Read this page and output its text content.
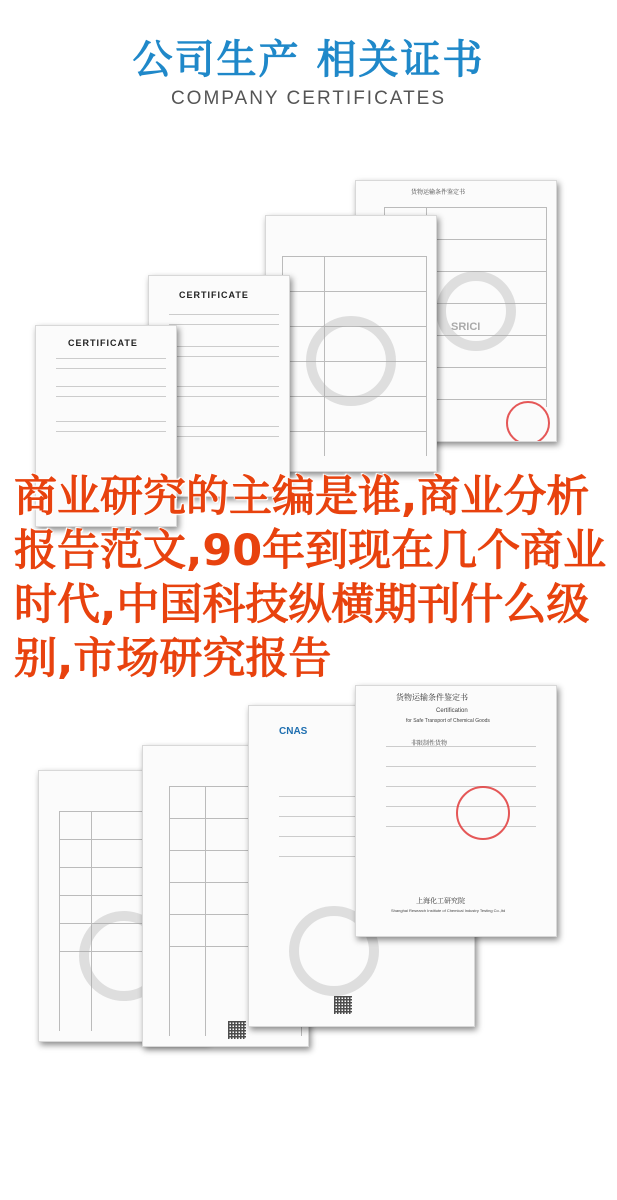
公司生产 相关证书
COMPANY CERTIFICATES
货物运输条件鉴定书
SRICI
CERTIFICATE
CERTIFICATE
CNAS
货物运输条件鉴定书
Certification
for Safe Transport of Chemical Goods
非限制性货物
上海化工研究院
Shanghai Research Institute of Chemical Industry Testing Co.,ltd
商业研究的主编是谁,商业分析报告范文,90年到现在几个商业时代,中国科技纵横期刊什么级别,市场研究报告
